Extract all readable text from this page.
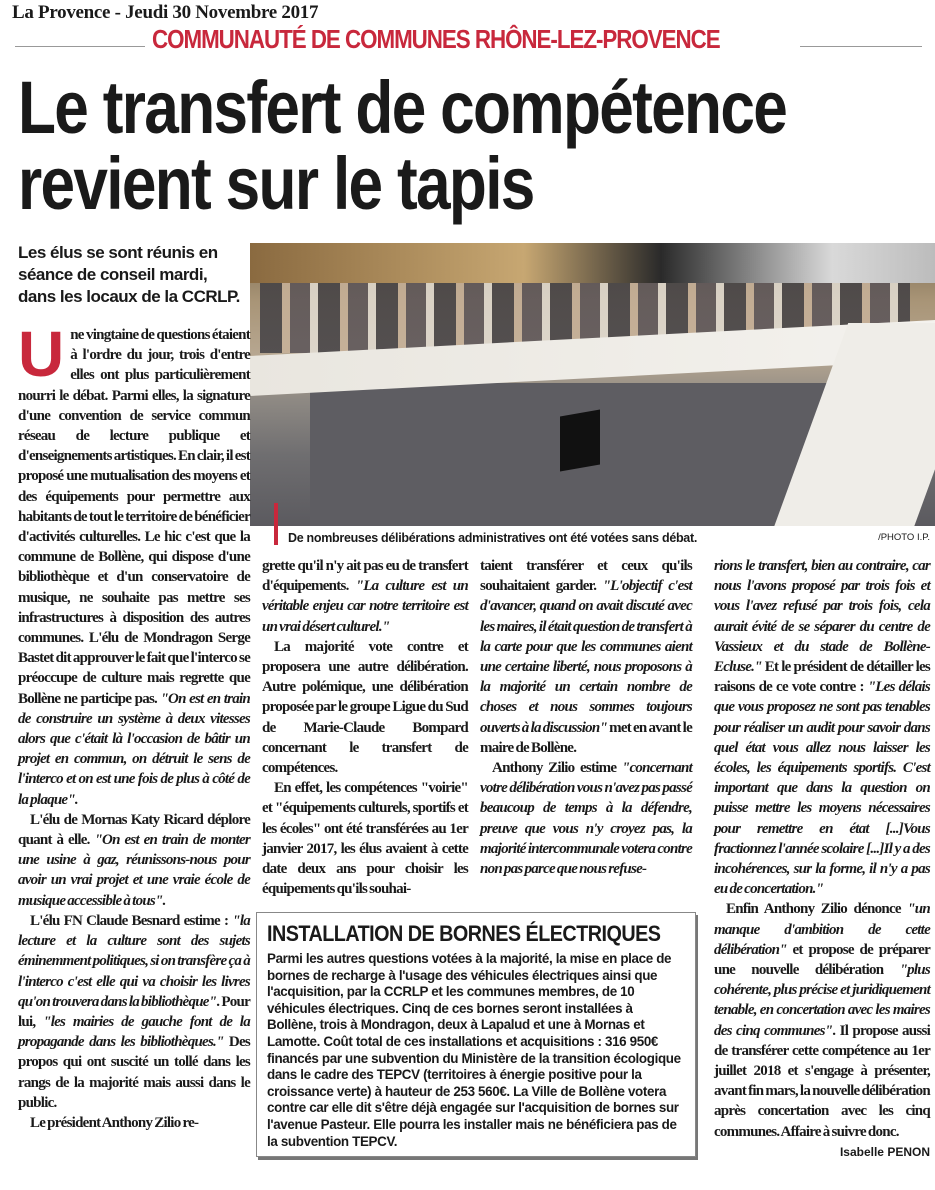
La Provence - Jeudi 30 Novembre 2017
COMMUNAUTÉ DE COMMUNES RHÔNE-LEZ-PROVENCE
Le transfert de compétence
revient sur le tapis
Les élus se sont réunis en séance de conseil mardi, dans les locaux de la CCRLP.
De nombreuses délibérations administratives ont été votées sans débat.	/PHOTO I.P.
U ne vingtaine de questions étaient à l'ordre du jour, trois d'entre elles ont plus particulièrement nourri le débat. Parmi elles, la signature d'une convention de service commun réseau de lecture publique et d'enseignements artistiques. En clair, il est proposé une mutualisation des moyens et des équipements pour permettre aux habitants de tout le territoire de bénéficier d'activités culturelles. Le hic c'est que la commune de Bollène, qui dispose d'une bibliothèque et d'un conservatoire de musique, ne souhaite pas mettre ses infrastructures à disposition des autres communes. L'élu de Mondragon Serge Bastet dit approuver le fait que l'interco se préoccupe de culture mais regrette que Bollène ne participe pas. "On est en train de construire un système à deux vitesses alors que c'était là l'occasion de bâtir un projet en commun, on détruit le sens de l'interco et on est une fois de plus à côté de la plaque".

L'élu de Mornas Katy Ricard déplore quant à elle. "On est en train de monter une usine à gaz, réunissons-nous pour avoir un vrai projet et une vraie école de musique accessible à tous".

L'élu FN Claude Besnard estime : "la lecture et la culture sont des sujets éminemment politiques, si on transfère ça à l'interco c'est elle qui va choisir les livres qu'on trouvera dans la bibliothèque". Pour lui, "les mairies de gauche font de la propagande dans les bibliothèques." Des propos qui ont suscité un tollé dans les rangs de la majorité mais aussi dans le public.

Le président Anthony Zilio re-

grette qu'il n'y ait pas eu de transfert d'équipements. "La culture est un véritable enjeu car notre territoire est un vrai désert culturel."

La majorité vote contre et proposera une autre délibération. Autre polémique, une délibération proposée par le groupe Ligue du Sud de Marie-Claude Bompard concernant le transfert de compétences.

En effet, les compétences "voirie" et "équipements culturels, sportifs et les écoles" ont été transférées au 1er janvier 2017, les élus avaient à cette date deux ans pour choisir les équipements qu'ils souhai-

taient transférer et ceux qu'ils souhaitaient garder. "L'objectif c'est d'avancer, quand on avait discuté avec les maires, il était question de transfert à la carte pour que les communes aient une certaine liberté, nous proposons à la majorité un certain nombre de choses et nous sommes toujours ouverts à la discussion" met en avant le maire de Bollène.

Anthony Zilio estime "concernant votre délibération vous n'avez pas passé beaucoup de temps à la défendre, preuve que vous n'y croyez pas, la majorité intercommunale votera contre non pas parce que nous refuse-

rions le transfert, bien au contraire, car nous l'avons proposé par trois fois et vous l'avez refusé par trois fois, cela aurait évité de se séparer du centre de Vassieux et du stade de Bollène-Ecluse." Et le président de détailler les raisons de ce vote contre : "Les délais que vous proposez ne sont pas tenables pour réaliser un audit pour savoir dans quel état vous allez nous laisser les écoles, les équipements sportifs. C'est important que dans la question on puisse mettre les moyens nécessaires pour remettre en état [...]Vous fractionnez l'année scolaire [...]Il y a des incohérences, sur la forme, il n'y a pas eu de concertation."

Enfin Anthony Zilio dénonce "un manque d'ambition de cette délibération" et propose de préparer une nouvelle délibération "plus cohérente, plus précise et juridiquement tenable, en concertation avec les maires des cinq communes". Il propose aussi de transférer cette compétence au 1er juillet 2018 et s'engage à présenter, avant fin mars, la nouvelle délibération après concertation avec les cinq communes. Affaire à suivre donc.
Isabelle PENON

INSTALLATION DE BORNES ÉLECTRIQUES

Parmi les autres questions votées à la majorité, la mise en place de bornes de recharge à l'usage des véhicules électriques ainsi que l'acquisition, par la CCRLP et les communes membres, de 10 véhicules électriques. Cinq de ces bornes seront installées à Bollène, trois à Mondragon, deux à Lapalud et une à Mornas et Lamotte. Coût total de ces installations et acquisitions : 316 950€ financés par une subvention du Ministère de la transition écologique dans le cadre des TEPCV (territoires à énergie positive pour la croissance verte) à hauteur de 253 560€. La Ville de Bollène votera contre car elle dit s'être déjà engagée sur l'acquisition de bornes sur l'avenue Pasteur. Elle pourra les installer mais ne bénéficiera pas de la subvention TEPCV.
